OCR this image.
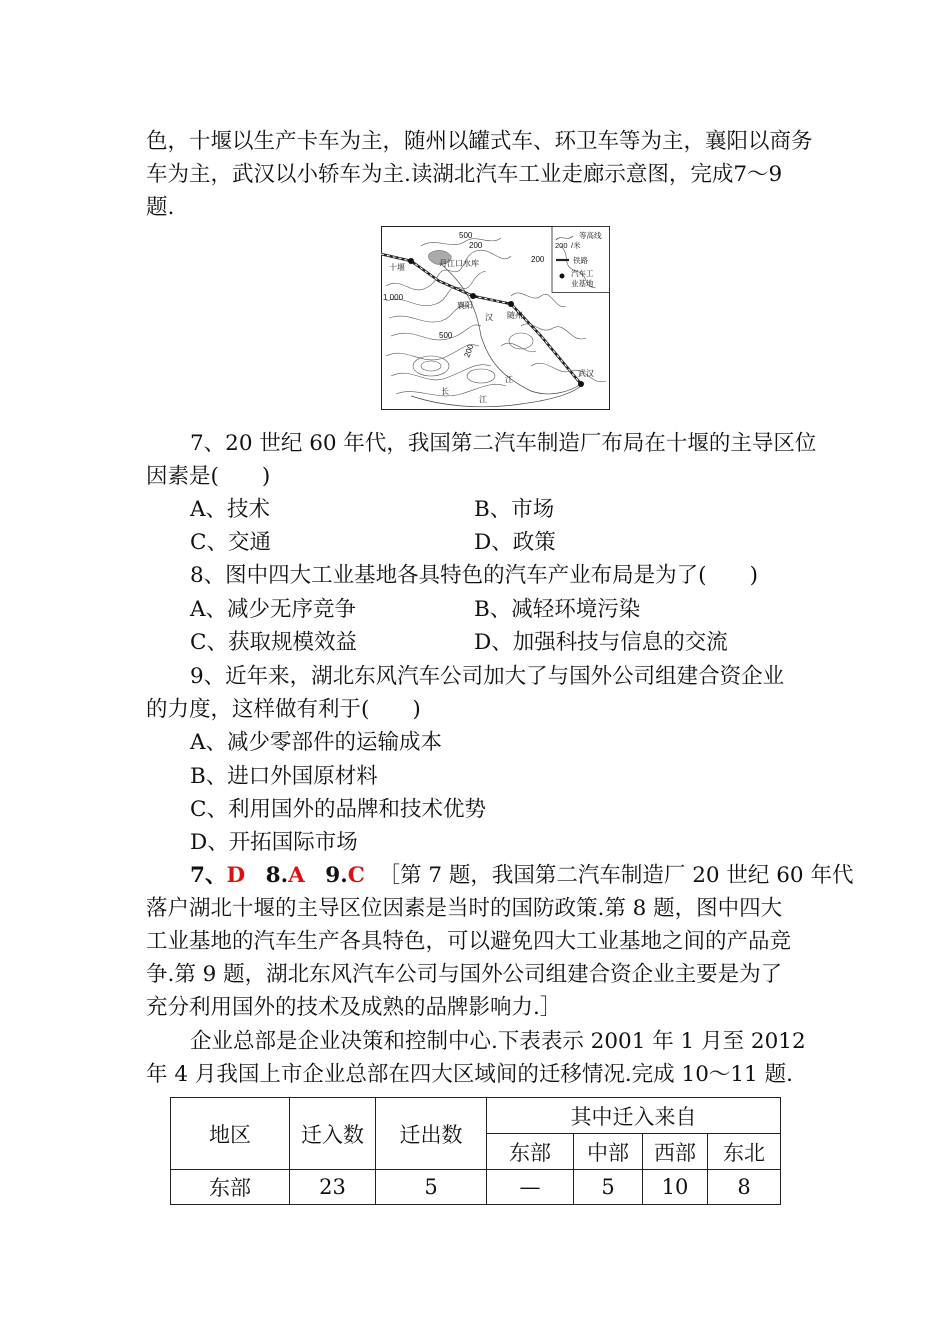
色，十堰以生产卡车为主，随州以罐式车、环卫车等为主，襄阳以商务
车为主，武汉以小轿车为主.读湖北汽车工业走廊示意图，完成7～9
题.
200
等高线
/米
铁路
汽车工
业基地
丹江口水库
十堰
襄阳
随州
武汉
汉
江
长
江
500
200
200
1 000
500
200
7、20 世纪 60 年代，我国第二汽车制造厂布局在十堰的主导区位
因素是(　　)
A、技术	B、市场
C、交通	D、政策
8、图中四大工业基地各具特色的汽车产业布局是为了(　　)
A、减少无序竞争	B、减轻环境污染
C、获取规模效益	D、加强科技与信息的交流
9、近年来，湖北东风汽车公司加大了与国外公司组建合资企业
的力度，这样做有利于(　　)
A、减少零部件的运输成本
B、进口外国原材料
C、利用国外的品牌和技术优势
D、开拓国际市场
7、D 8.A 9.C ［第 7 题，我国第二汽车制造厂 20 世纪 60 年代
落户湖北十堰的主导区位因素是当时的国防政策.第 8 题，图中四大
工业基地的汽车生产各具特色，可以避免四大工业基地之间的产品竞
争.第 9 题，湖北东风汽车公司与国外公司组建合资企业主要是为了
充分利用国外的技术及成熟的品牌影响力.］
企业总部是企业决策和控制中心.下表表示 2001 年 1 月至 2012
年 4 月我国上市企业总部在四大区域间的迁移情况.完成 10～11 题.
地区	迁入数	迁出数	其中迁入来自			
			东部	中部	西部	东北
东部	23	5	—	5	10	8
